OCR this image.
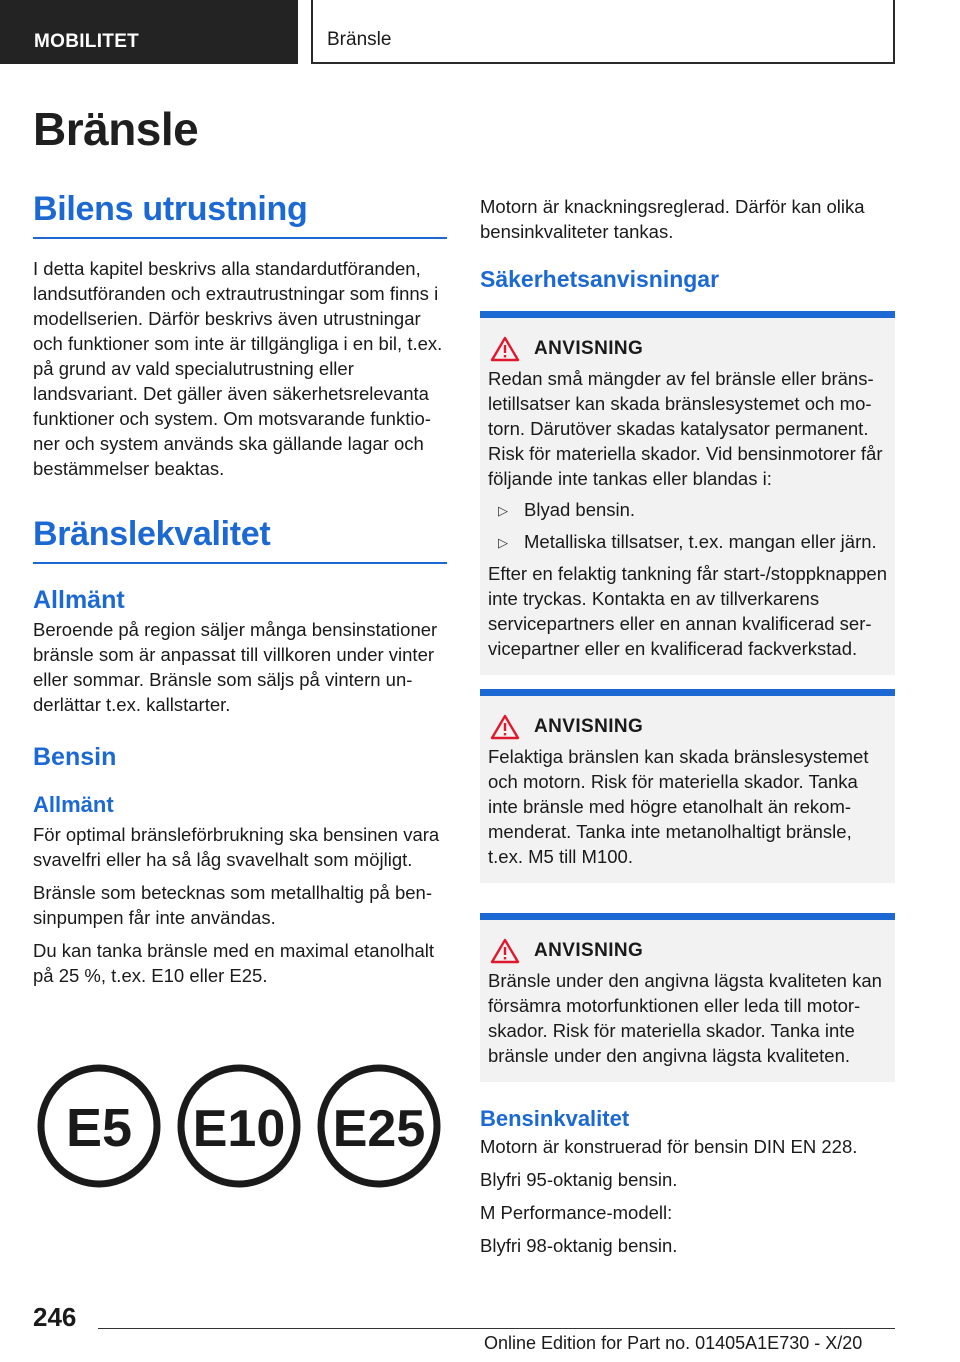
MOBILITET	Bränsle
Bränsle
Bilens utrustning

I detta kapitel beskrivs alla standardutföranden, landsutföranden och extrautrustningar som finns i modellserien. Därför beskrivs även utrustningar och funktioner som inte är tillgängliga i en bil, t.ex. på grund av vald specialutrustning eller landsvariant. Det gäller även säkerhetsrelevanta funktioner och system. Om motsvarande funktioner och system används ska gällande lagar och bestämmelser beaktas.

Bränslekvalitet
Allmänt

Beroende på region säljer många bensinstationer bränsle som är anpassat till villkoren under vinter eller sommar. Bränsle som säljs på vintern underlättar t.ex. kallstarter.

Bensin
Allmänt

För optimal bränsleförbrukning ska bensinen vara svavelfri eller ha så låg svavelhalt som möjligt.

Bränsle som betecknas som metallhaltig på bensinpumpen får inte användas.

Du kan tanka bränsle med en maximal etanolhalt på 25 %, t.ex. E10 eller E25.

E5 E10 E25

Motorn är knackningsreglerad. Därför kan olika bensinkvaliteter tankas.

Säkerhetsanvisningar
ANVISNING

Redan små mängder av fel bränsle eller bränsletillsatser kan skada bränslesystemet och motorn. Därutöver skadas katalysator permanent. Risk för materiella skador. Vid bensinmotorer får följande inte tankas eller blandas i:

▷ Blyad bensin.
▷ Metalliska tillsatser, t.ex. mangan eller järn.

Efter en felaktig tankning får start-/stoppknappen inte tryckas. Kontakta en av tillverkarens servicepartners eller en annan kvalificerad servicepartner eller en kvalificerad fackverkstad.

ANVISNING

Felaktiga bränslen kan skada bränslesystemet och motorn. Risk för materiella skador. Tanka inte bränsle med högre etanolhalt än rekommenderat. Tanka inte metanolhaltigt bränsle, t.ex. M5 till M100.

ANVISNING

Bränsle under den angivna lägsta kvaliteten kan försämra motorfunktionen eller leda till motorskador. Risk för materiella skador. Tanka inte bränsle under den angivna lägsta kvaliteten.

Bensinkvalitet

Motorn är konstruerad för bensin DIN EN 228.

Blyfri 95-oktanig bensin.

M Performance-modell:

Blyfri 98-oktanig bensin.

246
Online Edition for Part no. 01405A1E730 - X/20
